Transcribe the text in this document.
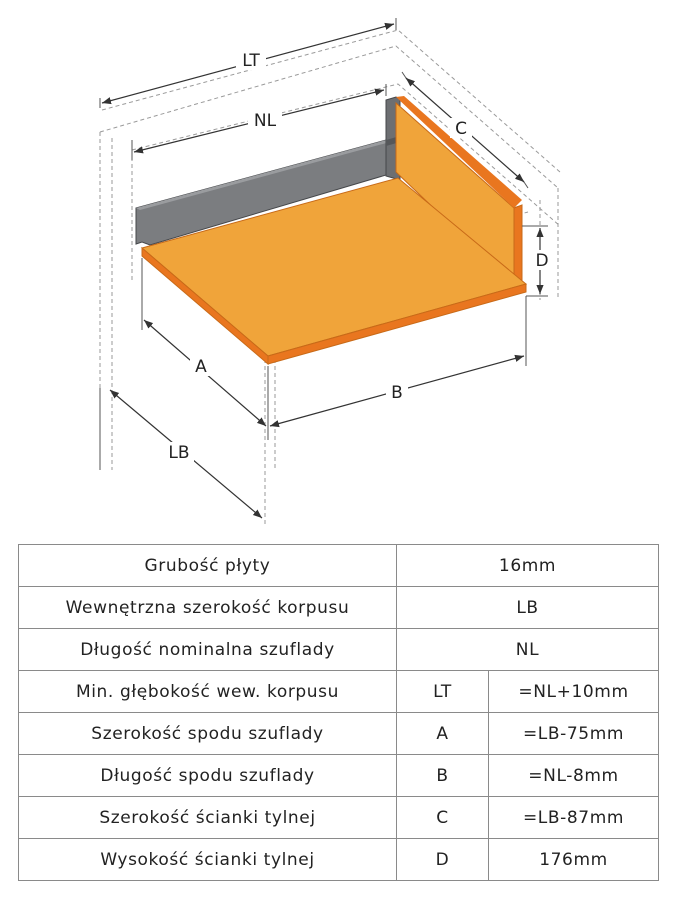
LT
NL	C
D
A
B
LB
Grubość płyty	16mm	
Wewnętrzna szerokość korpusu	LB	
Długość nominalna szuflady	NL	
Min. głębokość wew. korpusu	LT	=NL+10mm
Szerokość spodu szuflady	A	=LB-75mm
Długość spodu szuflady	B	=NL-8mm
Szerokość ścianki tylnej	C	=LB-87mm
Wysokość ścianki tylnej	D	176mm
